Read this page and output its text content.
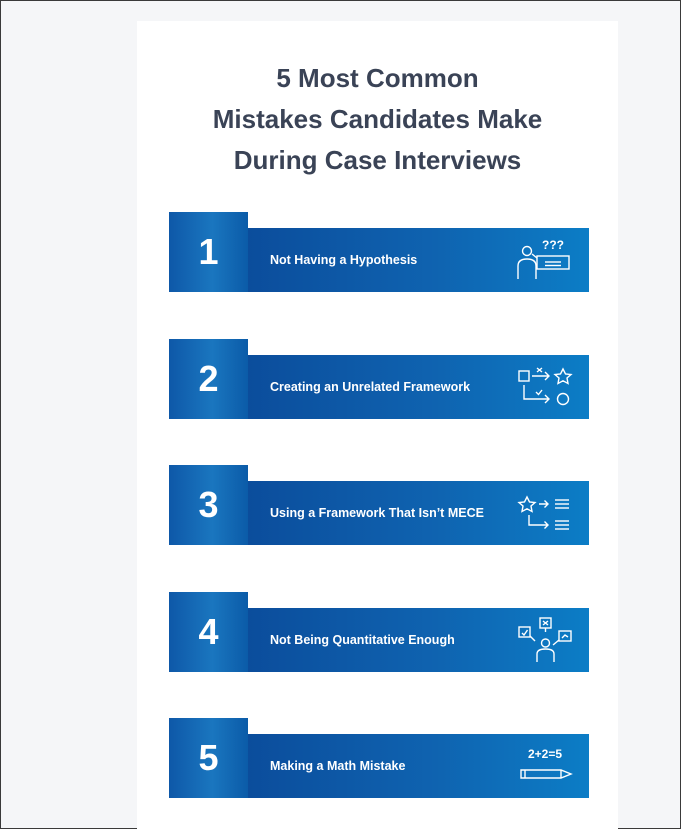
5 Most Common
Mistakes Candidates Make
During Case Interviews
1	Not Having a Hypothesis
???
2	Creating an Unrelated Framework
3	Using a Framework That Isn’t MECE
4	Not Being Quantitative Enough
5	Making a Math Mistake
2+2=5
